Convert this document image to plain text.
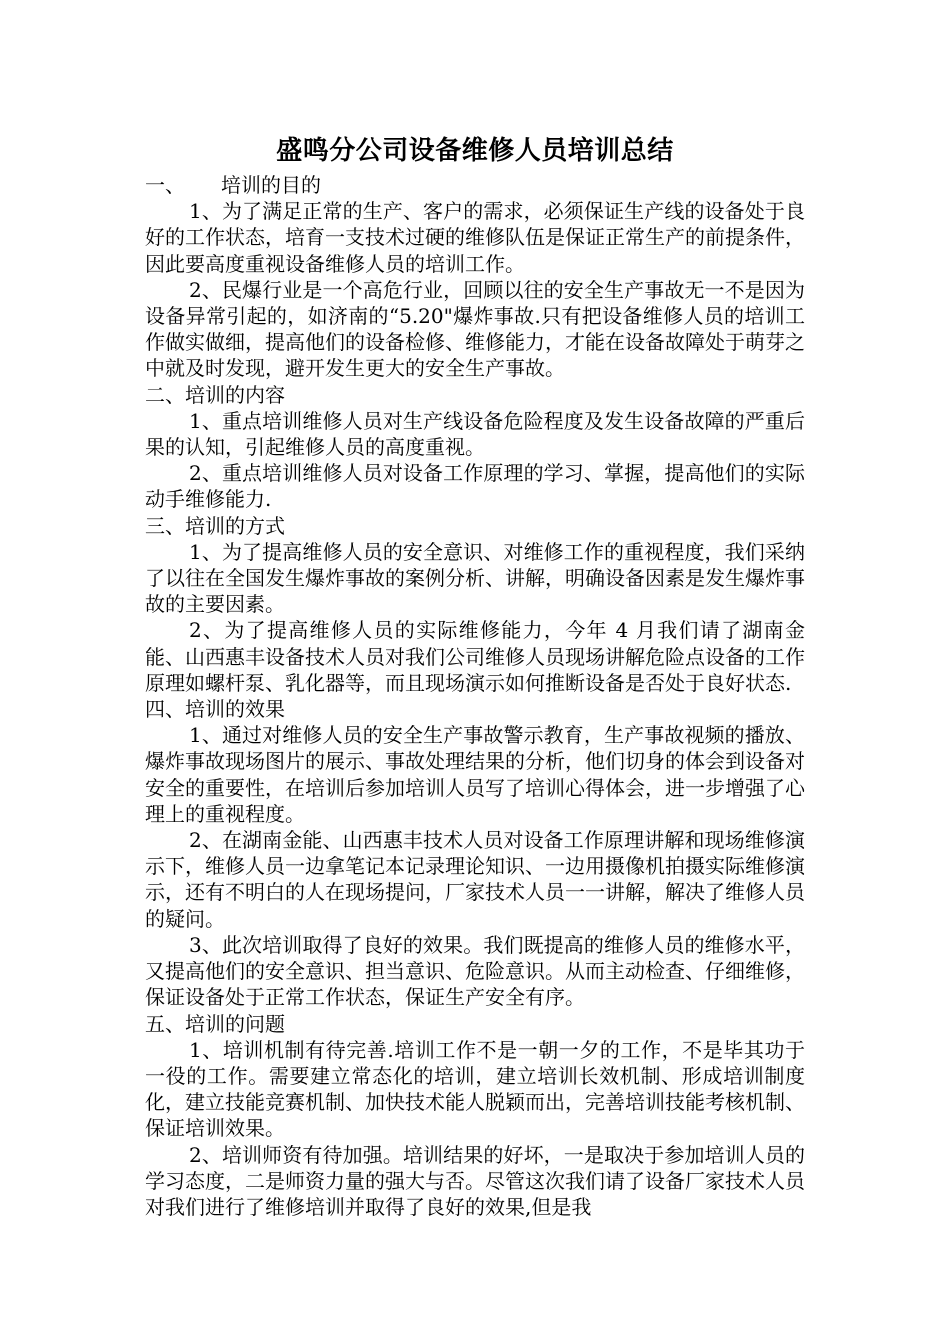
盛鸣分公司设备维修人员培训总结

一、 培训的目的

1、为了满足正常的生产、客户的需求，必须保证生产线的设备处于良好的工作状态，培育一支技术过硬的维修队伍是保证正常生产的前提条件，因此要高度重视设备维修人员的培训工作。

2、民爆行业是一个高危行业，回顾以往的安全生产事故无一不是因为设备异常引起的，如济南的“5.20"爆炸事故.只有把设备维修人员的培训工作做实做细，提高他们的设备检修、维修能力，才能在设备故障处于萌芽之中就及时发现，避开发生更大的安全生产事故。

二、培训的内容

1、重点培训维修人员对生产线设备危险程度及发生设备故障的严重后果的认知，引起维修人员的高度重视。

2、重点培训维修人员对设备工作原理的学习、掌握，提高他们的实际动手维修能力.

三、培训的方式

1、为了提高维修人员的安全意识、对维修工作的重视程度，我们采纳了以往在全国发生爆炸事故的案例分析、讲解，明确设备因素是发生爆炸事故的主要因素。

2、为了提高维修人员的实际维修能力，今年 4 月我们请了湖南金能、山西惠丰设备技术人员对我们公司维修人员现场讲解危险点设备的工作原理如螺杆泵、乳化器等，而且现场演示如何推断设备是否处于良好状态.

四、培训的效果

1、通过对维修人员的安全生产事故警示教育，生产事故视频的播放、爆炸事故现场图片的展示、事故处理结果的分析，他们切身的体会到设备对安全的重要性，在培训后参加培训人员写了培训心得体会，进一步增强了心理上的重视程度。

2、在湖南金能、山西惠丰技术人员对设备工作原理讲解和现场维修演示下，维修人员一边拿笔记本记录理论知识、一边用摄像机拍摄实际维修演示，还有不明白的人在现场提问，厂家技术人员一一讲解，解决了维修人员的疑问。

3、此次培训取得了良好的效果。我们既提高的维修人员的维修水平，又提高他们的安全意识、担当意识、危险意识。从而主动检查、仔细维修，保证设备处于正常工作状态，保证生产安全有序。

五、培训的问题

1、培训机制有待完善.培训工作不是一朝一夕的工作，不是毕其功于一役的工作。需要建立常态化的培训，建立培训长效机制、形成培训制度化，建立技能竞赛机制、加快技术能人脱颖而出，完善培训技能考核机制、保证培训效果。

2、培训师资有待加强。培训结果的好坏，一是取决于参加培训人员的学习态度，二是师资力量的强大与否。尽管这次我们请了设备厂家技术人员对我们进行了维修培训并取得了良好的效果,但是我
